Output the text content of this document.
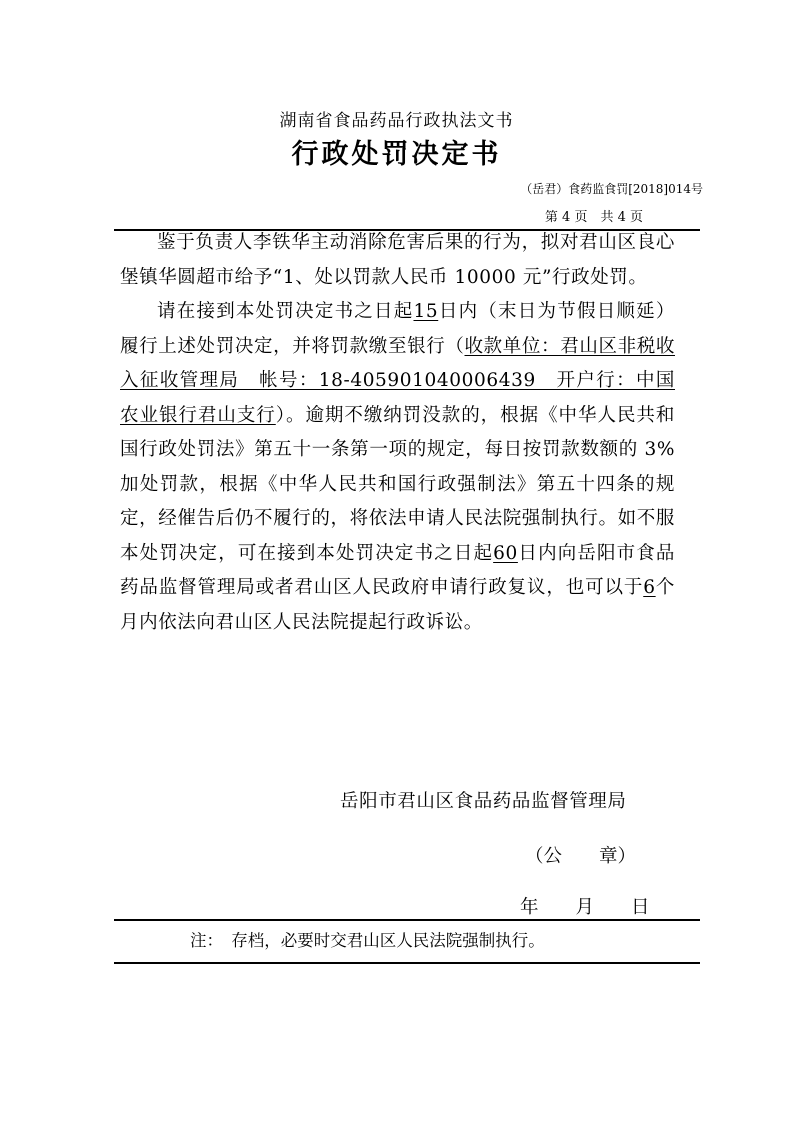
湖南省食品药品行政执法文书
行政处罚决定书
（岳君）食药监食罚[2018]014号
第 4 页　共 4 页

鉴于负责人李铁华主动消除危害后果的行为，拟对君山区良心堡镇华圆超市给予“1、处以罚款人民币 10000 元”行政处罚。

请在接到本处罚决定书之日起15日内（末日为节假日顺延）履行上述处罚决定，并将罚款缴至银行（收款单位：君山区非税收入征收管理局　帐号：18-405901040006439　开户行：中国农业银行君山支行）。逾期不缴纳罚没款的，根据《中华人民共和国行政处罚法》第五十一条第一项的规定，每日按罚款数额的 3%加处罚款，根据《中华人民共和国行政强制法》第五十四条的规定，经催告后仍不履行的，将依法申请人民法院强制执行。如不服本处罚决定，可在接到本处罚决定书之日起60日内向岳阳市食品药品监督管理局或者君山区人民政府申请行政复议，也可以于6个月内依法向君山区人民法院提起行政诉讼。

岳阳市君山区食品药品监督管理局
（公　　章）
年　　月　　日
注：　存档，必要时交君山区人民法院强制执行。
